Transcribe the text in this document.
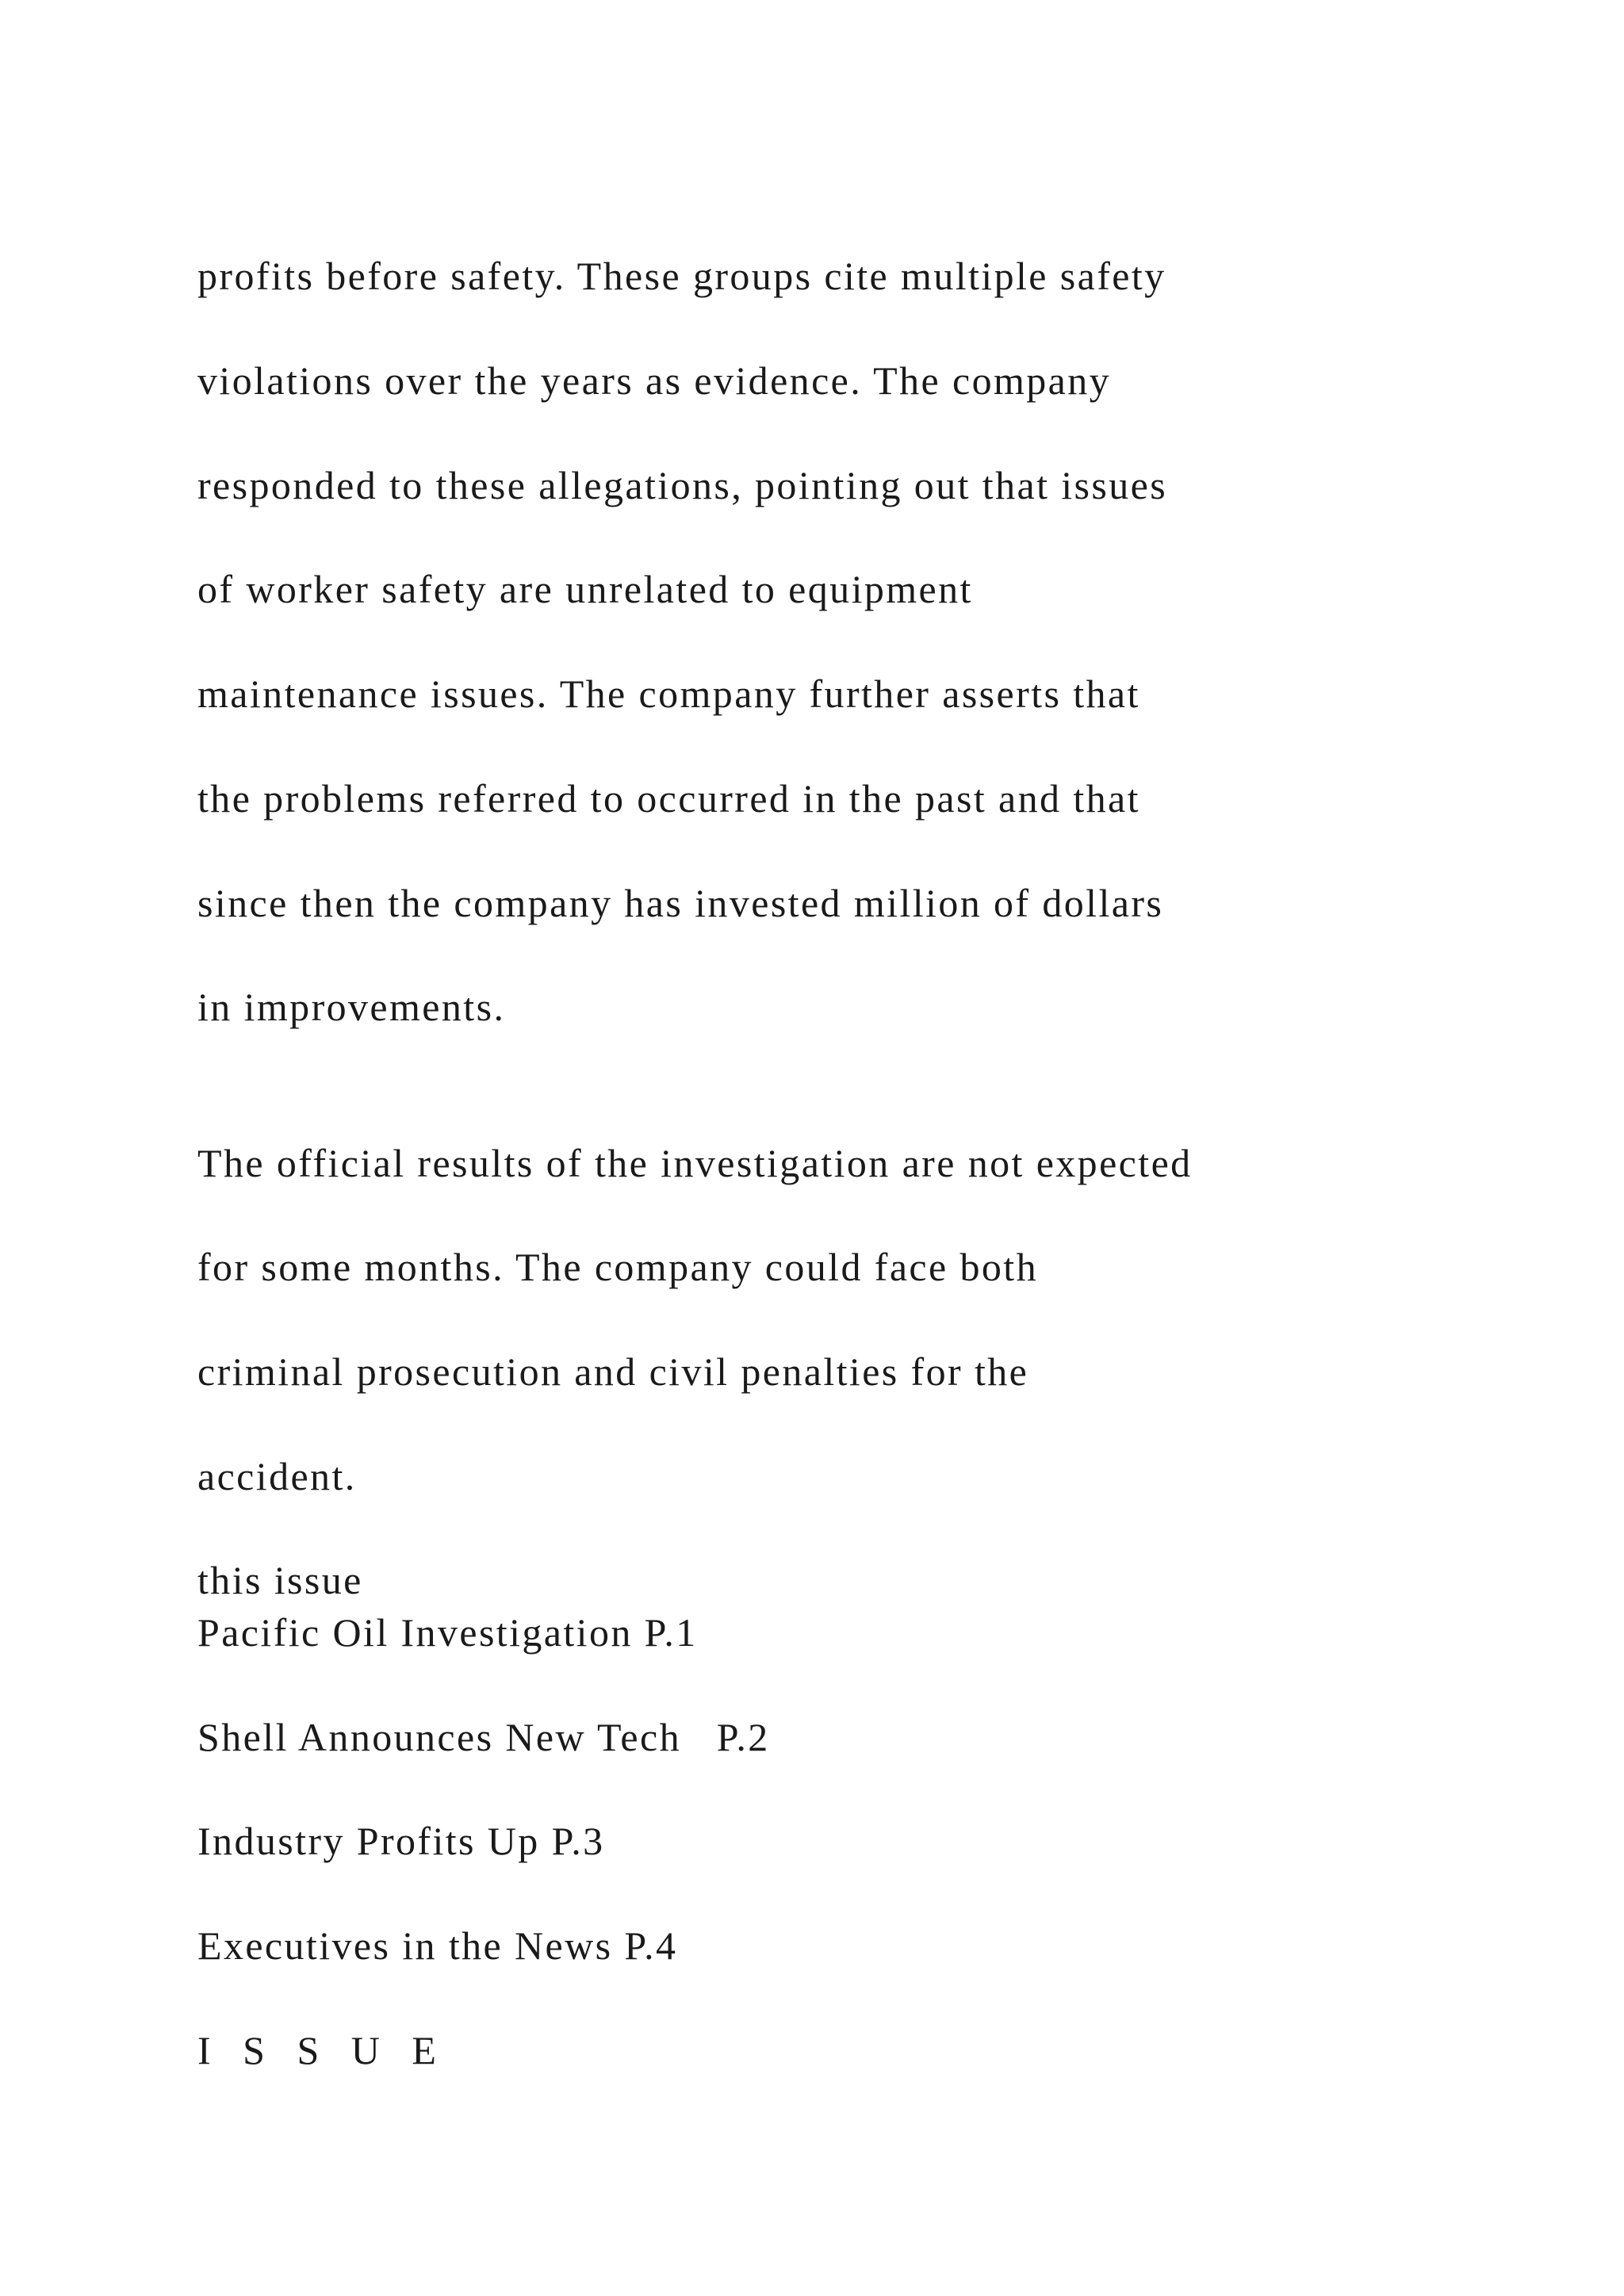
profits before safety. These groups cite multiple safety

violations over the years as evidence. The company

responded to these allegations, pointing out that issues

of worker safety are unrelated to equipment

maintenance issues. The company further asserts that

the problems referred to occurred in the past and that

since then the company has invested million of dollars

in improvements.

The official results of the investigation are not expected

for some months. The company could face both

criminal prosecution and civil penalties for the

accident.

this issue

Pacific Oil Investigation P.1

Shell Announces New Tech   P.2

Industry Profits Up P.3

Executives in the News P.4

I S S U E
